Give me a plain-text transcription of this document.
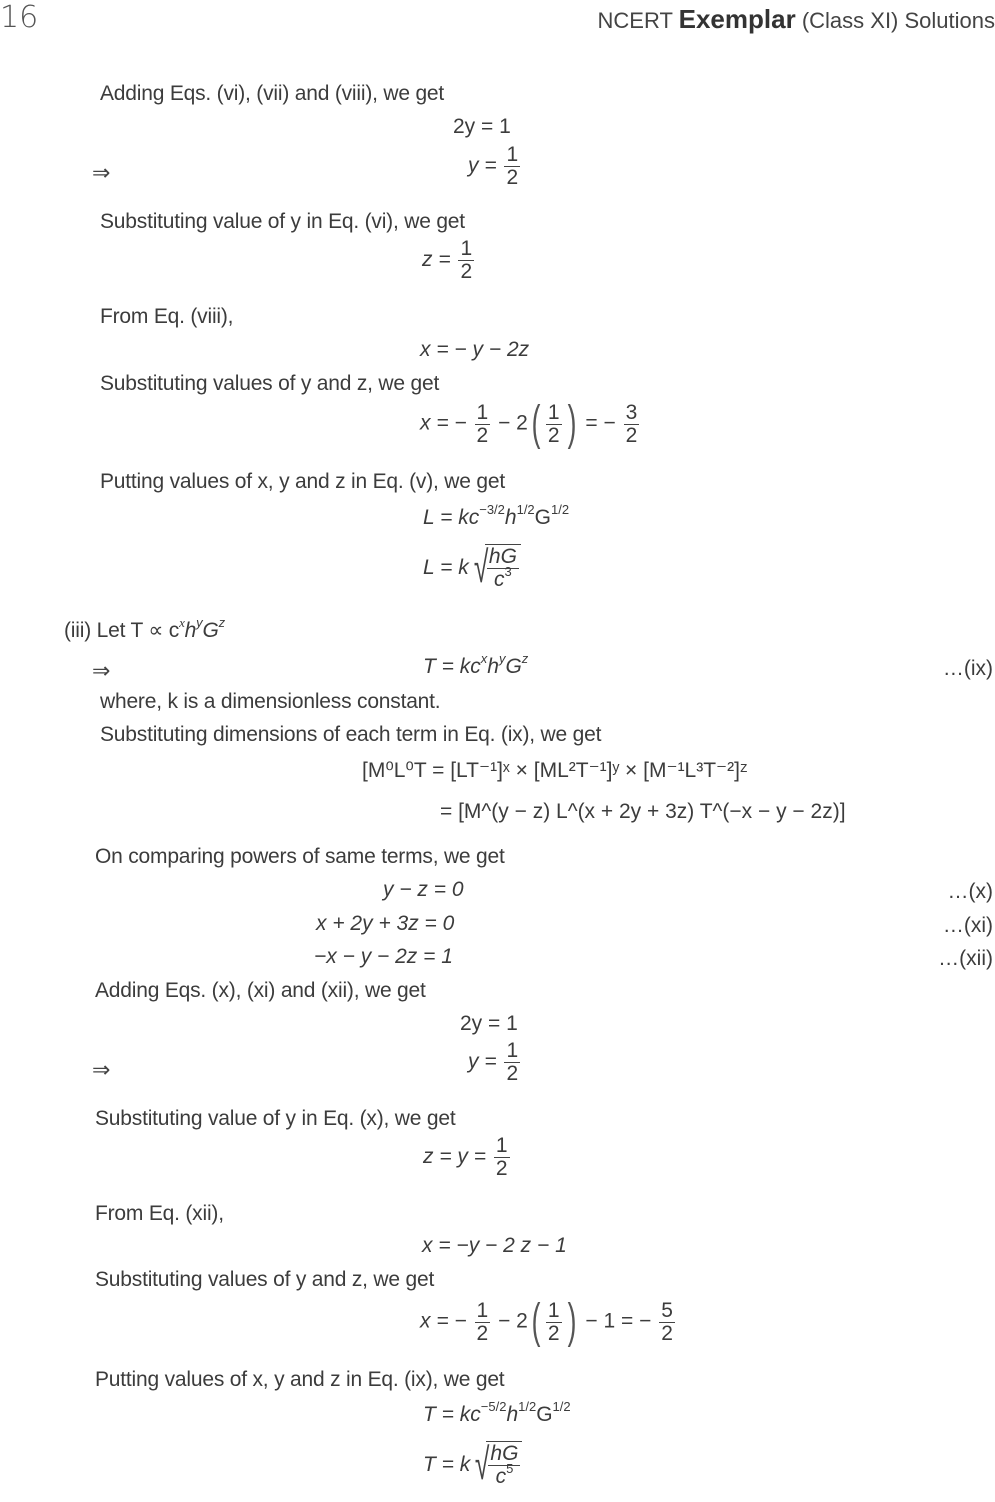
16	NCERT Exemplar (Class XI) Solutions
Adding Eqs. (vi), (vii) and (viii), we get
2y = 1
⇒	$y = \frac{1}{2}$
Substituting value of y in Eq. (vi), we get
$z = \frac{1}{2}$
From Eq. (viii),
x = − y − 2z
Substituting values of y and z, we get
x = − $\frac{1}{2} - 2( \frac{1}{2}$ ) = − $\frac{3}{2}$
Putting values of x, y and z in Eq. (v), we get
$L = kc^{-3/2}h^{1/2}G^{1/2}$
L = k √
$\frac{hG}{c^3}$
(iii) Let $T \propto c^xh^yG^z$
⇒	$T = kc^xh^yG^z$	…(ix)
where, k is a dimensionless constant.
Substituting dimensions of each term in Eq. (ix), we get
[M⁰L⁰T = [LT⁻¹]ˣ × [ML²T⁻¹]ʸ × [M⁻¹L³T⁻²]ᶻ
= [M^(y − z) L^(x + 2y + 3z) T^(−x − y − 2z)]
On comparing powers of same terms, we get
y − z = 0	…(x)
x + 2y + 3z = 0	…(xi)
−x − y − 2z = 1	…(xii)
Adding Eqs. (x), (xi) and (xii), we get
2y = 1
⇒	$y = \frac{1}{2}$
Substituting value of y in Eq. (x), we get
$z = y = \frac{1}{2}$
From Eq. (xii),
x = −y − 2 z − 1
Substituting values of y and z, we get
x = − $\frac{1}{2} - 2( \frac{1}{2}$ ) − 1 = − $\frac{5}{2}$
Putting values of x, y and z in Eq. (ix), we get
$T = kc^{-5/2}h^{1/2}G^{1/2}$
T = k √
$\frac{hG}{c^5}$
